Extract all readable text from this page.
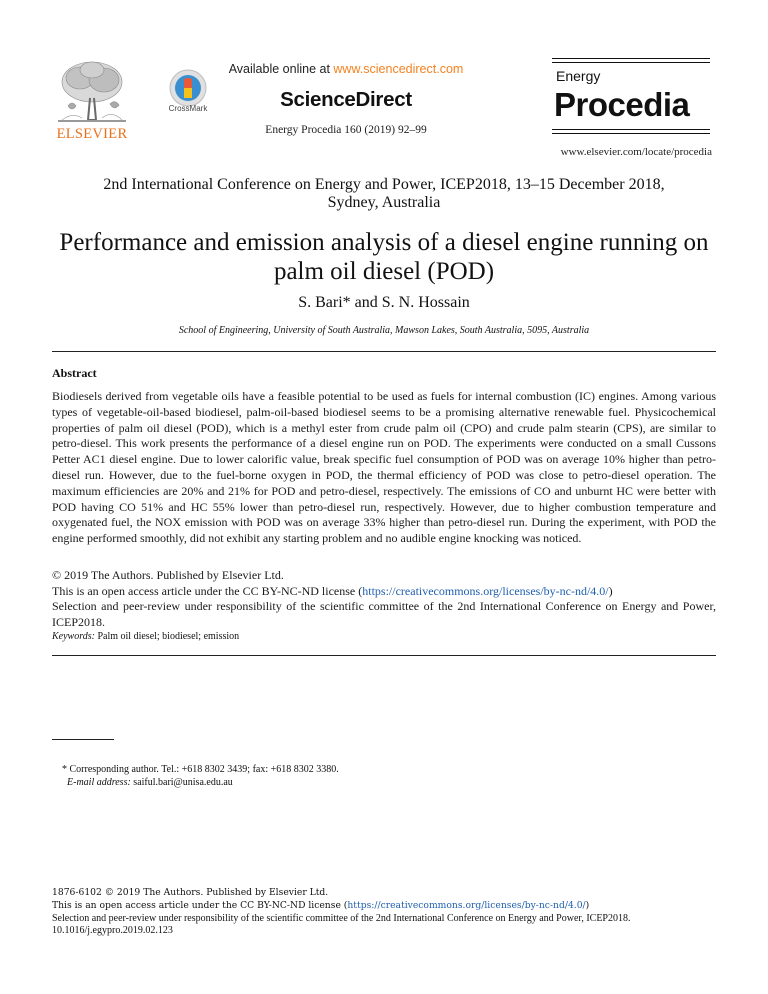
ELSEVIER
CrossMark
Available online at www.sciencedirect.com
ScienceDirect
Energy Procedia 160 (2019) 92–99
Energy
Procedia
www.elsevier.com/locate/procedia
2nd International Conference on Energy and Power, ICEP2018, 13–15 December 2018,
Sydney, Australia
Performance and emission analysis of a diesel engine running on
palm oil diesel (POD)
S. Bari* and S. N. Hossain
School of Engineering, University of South Australia, Mawson Lakes, South Australia, 5095, Australia
Abstract
Biodiesels derived from vegetable oils have a feasible potential to be used as fuels for internal combustion (IC) engines. Among various types of vegetable-oil-based biodiesel, palm-oil-based biodiesel seems to be a promising alternative renewable fuel. Physicochemical properties of palm oil diesel (POD), which is a methyl ester from crude palm oil (CPO) and crude palm stearin (CPS), are similar to petro-diesel. This work presents the performance of a diesel engine run on POD. The experiments were conducted on a small Cussons Petter AC1 diesel engine. Due to lower calorific value, break specific fuel consumption of POD was on average 10% higher than petro-diesel run. However, due to the fuel-borne oxygen in POD, the thermal efficiency of POD was close to petro-diesel operation. The maximum efficiencies are 20% and 21% for POD and petro-diesel, respectively. The emissions of CO and unburnt HC were better with POD having CO 51% and HC 55% lower than petro-diesel run, respectively. However, due to higher combustion temperature and oxygenated fuel, the NOX emission with POD was on average 33% higher than petro-diesel run. During the experiment, with POD the engine performed smoothly, did not exhibit any starting problem and no audible engine knocking was noticed.

© 2019 The Authors. Published by Elsevier Ltd.

This is an open access article under the CC BY-NC-ND license (https://creativecommons.org/licenses/by-nc-nd/4.0/)

Selection and peer-review under responsibility of the scientific committee of the 2nd International Conference on Energy and Power, ICEP2018.

Keywords: Palm oil diesel; biodiesel; emission

* Corresponding author. Tel.: +618 8302 3439; fax: +618 8302 3380.

E-mail address: saiful.bari@unisa.edu.au

1876-6102 © 2019 The Authors. Published by Elsevier Ltd.

This is an open access article under the CC BY-NC-ND license (https://creativecommons.org/licenses/by-nc-nd/4.0/)

Selection and peer-review under responsibility of the scientific committee of the 2nd International Conference on Energy and Power, ICEP2018.

10.1016/j.egypro.2019.02.123
